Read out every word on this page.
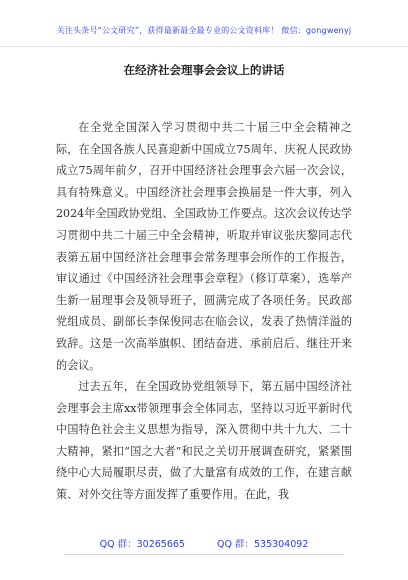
关注头条号“公文研究”，获得最新最全最专业的公文资料库！ 微信：gongwenyj
在经济社会理事会会议上的讲话

在全党全国深入学习贯彻中共二十届三中全会精神之际，在全国各族人民喜迎新中国成立75周年、庆祝人民政协成立75周年前夕，召开中国经济社会理事会六届一次会议，具有特殊意义。中国经济社会理事会换届是一件大事，列入2024年全国政协党组、全国政协工作要点。这次会议传达学习贯彻中共二十届三中全会精神，听取并审议张庆黎同志代表第五届中国经济社会理事会常务理事会所作的工作报告，审议通过《中国经济社会理事会章程》（修订草案），选举产生新一届理事会及领导班子，圆满完成了各项任务。民政部党组成员、副部长李保俊同志在临会议，发表了热情洋溢的致辞。这是一次高举旗帜、团结奋进、承前启后、继往开来的会议。

过去五年，在全国政协党组领导下，第五届中国经济社会理事会主席xx带领理事会全体同志，坚持以习近平新时代中国特色社会主义思想为指导，深入贯彻中共十九大、二十大精神，紧扣“国之大者”和民之关切开展调查研究，紧紧围绕中心大局履职尽责，做了大量富有成效的工作，在建言献策、对外交往等方面发挥了重要作用。在此，我

QQ 群：30265665	QQ 群：535304092
